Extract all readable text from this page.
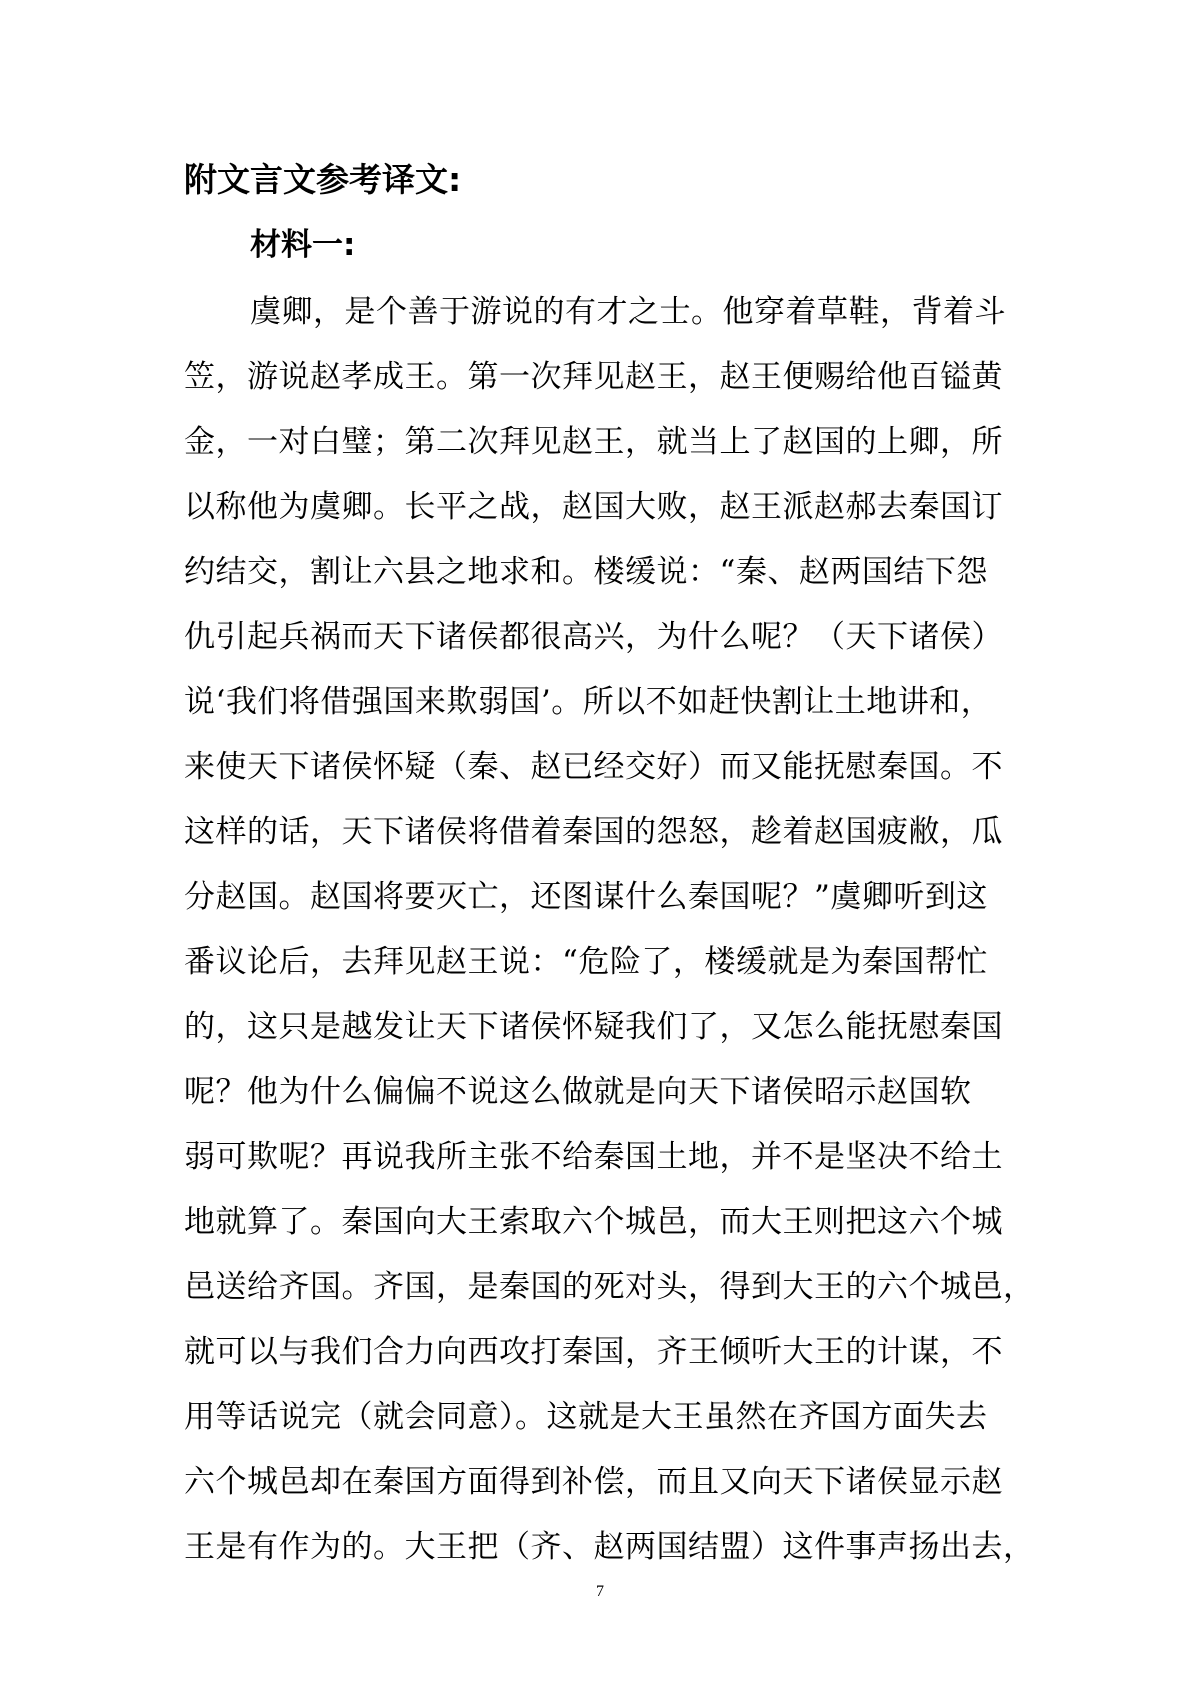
附文言文参考译文:
材料一:
虞卿，是个善于游说的有才之士。他穿着草鞋，背着斗
笠，游说赵孝成王。第一次拜见赵王，赵王便赐给他百镒黄
金，一对白璧；第二次拜见赵王，就当上了赵国的上卿，所
以称他为虞卿。长平之战，赵国大败，赵王派赵郝去秦国订
约结交，割让六县之地求和。楼缓说：“秦、赵两国结下怨
仇引起兵祸而天下诸侯都很高兴，为什么呢？（天下诸侯）
说‘我们将借强国来欺弱国’。所以不如赶快割让土地讲和，
来使天下诸侯怀疑（秦、赵已经交好）而又能抚慰秦国。不
这样的话，天下诸侯将借着秦国的怨怒，趁着赵国疲敝，瓜
分赵国。赵国将要灭亡，还图谋什么秦国呢？”虞卿听到这
番议论后，去拜见赵王说：“危险了，楼缓就是为秦国帮忙
的，这只是越发让天下诸侯怀疑我们了，又怎么能抚慰秦国
呢？他为什么偏偏不说这么做就是向天下诸侯昭示赵国软
弱可欺呢？再说我所主张不给秦国土地，并不是坚决不给土
地就算了。秦国向大王索取六个城邑，而大王则把这六个城
邑送给齐国。齐国，是秦国的死对头，得到大王的六个城邑，
就可以与我们合力向西攻打秦国，齐王倾听大王的计谋，不
用等话说完（就会同意）。这就是大王虽然在齐国方面失去
六个城邑却在秦国方面得到补偿，而且又向天下诸侯显示赵
王是有作为的。大王把（齐、赵两国结盟）这件事声扬出去，
7
